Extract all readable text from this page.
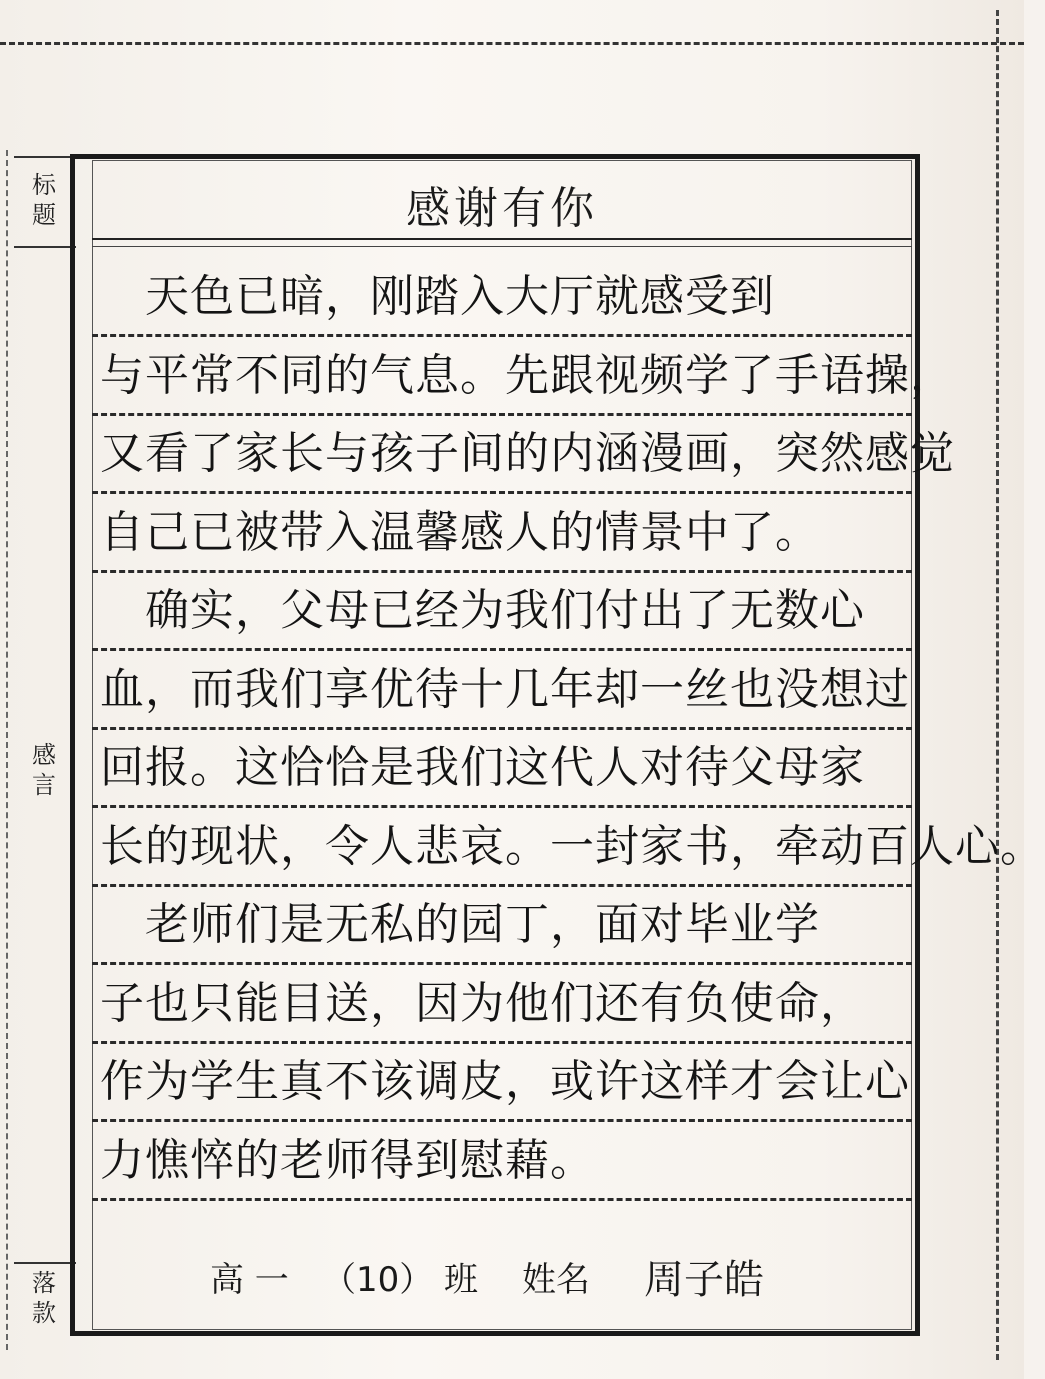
标
题
感
言
落
款
感谢有你
　天色已暗，刚踏入大厅就感受到
与平常不同的气息。先跟视频学了手语操，
又看了家长与孩子间的内涵漫画，突然感觉
自己已被带入温馨感人的情景中了。
　确实，父母已经为我们付出了无数心
血，而我们享优待十几年却一丝也没想过
回报。这恰恰是我们这代人对待父母家
长的现状，令人悲哀。一封家书，牵动百人心。
　老师们是无私的园丁，面对毕业学
子也只能目送，因为他们还有负使命，
作为学生真不该调皮，或许这样才会让心
力憔悴的老师得到慰藉。
高 一 （10） 班 姓名 周子皓
